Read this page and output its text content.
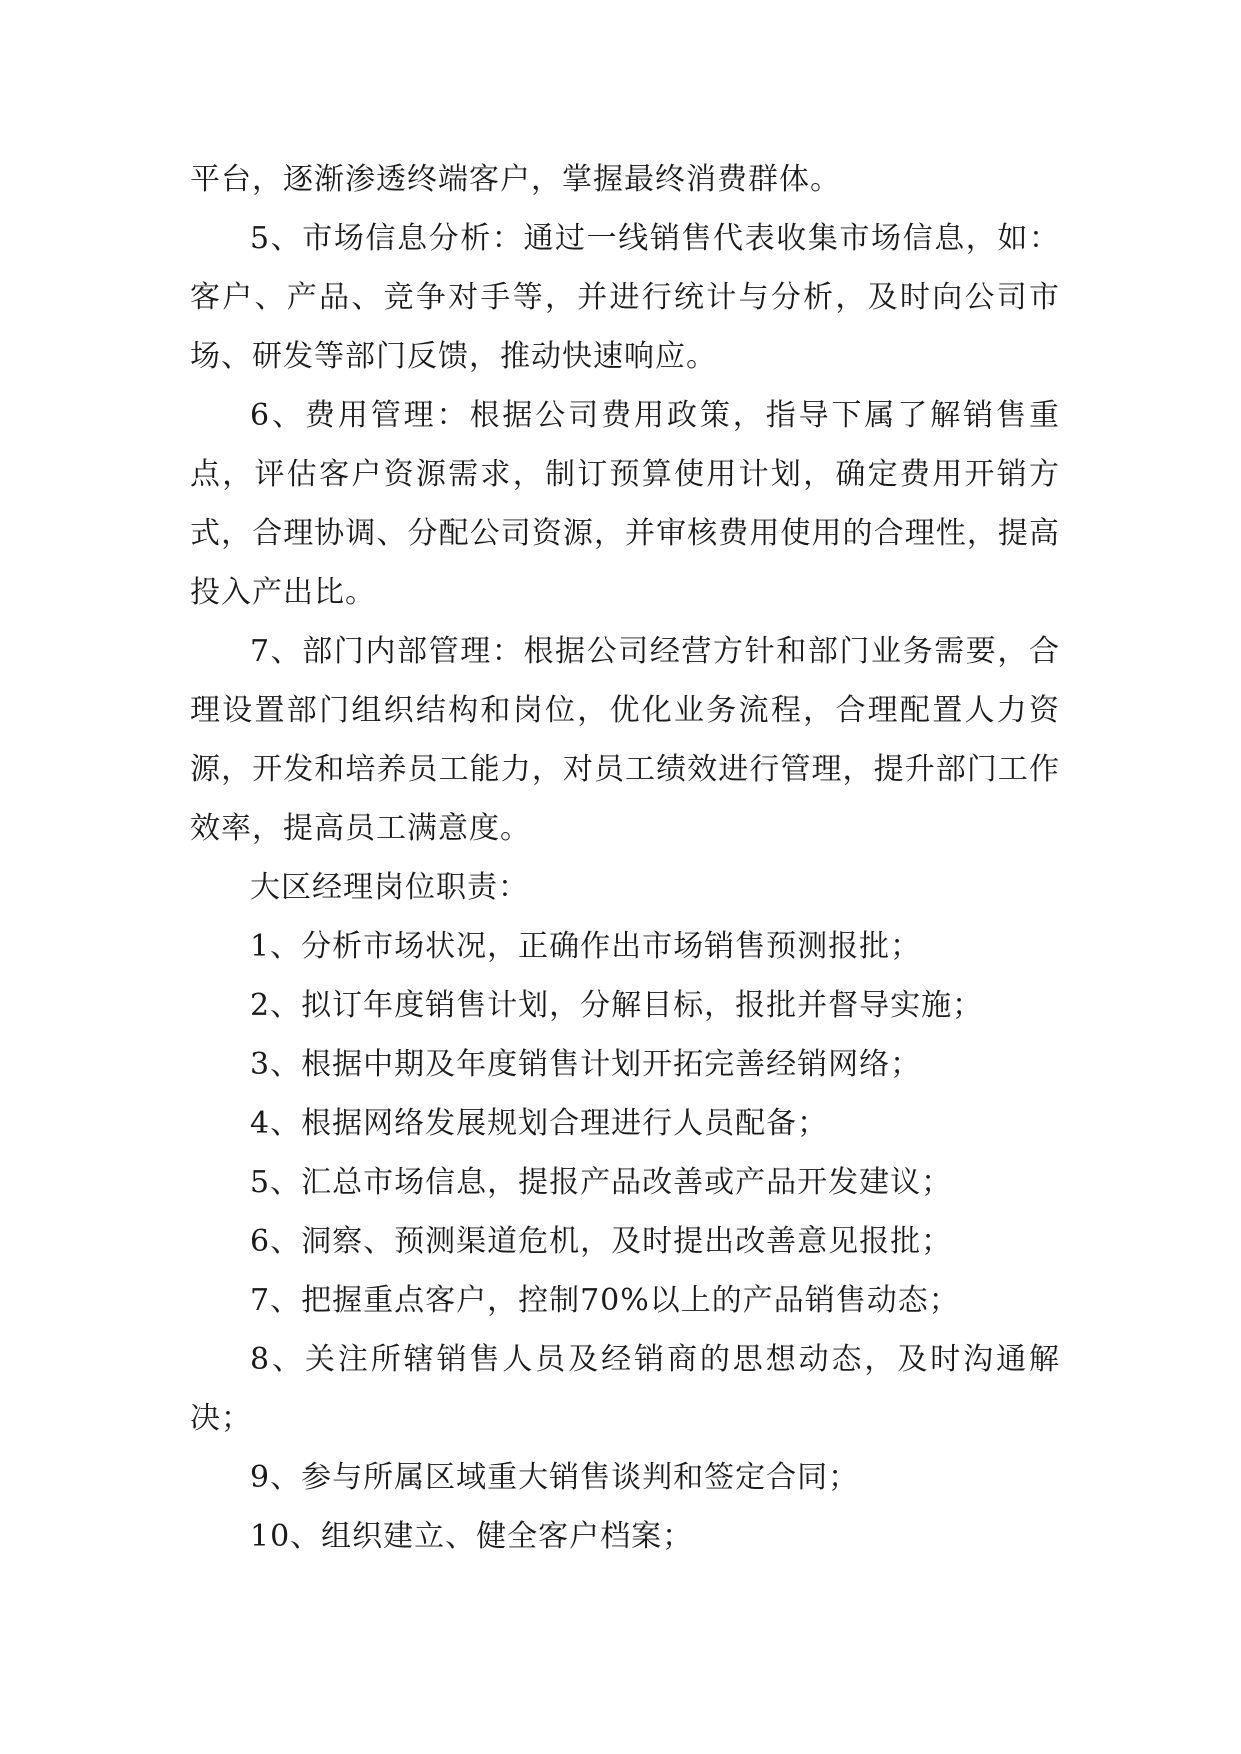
平台，逐渐渗透终端客户，掌握最终消费群体。

5、市场信息分析：通过一线销售代表收集市场信息，如：客户、产品、竞争对手等，并进行统计与分析，及时向公司市场、研发等部门反馈，推动快速响应。

6、费用管理：根据公司费用政策，指导下属了解销售重点，评估客户资源需求，制订预算使用计划，确定费用开销方式，合理协调、分配公司资源，并审核费用使用的合理性，提高投入产出比。

7、部门内部管理：根据公司经营方针和部门业务需要，合理设置部门组织结构和岗位，优化业务流程，合理配置人力资源，开发和培养员工能力，对员工绩效进行管理，提升部门工作效率，提高员工满意度。

大区经理岗位职责：

1、分析市场状况，正确作出市场销售预测报批；

2、拟订年度销售计划，分解目标，报批并督导实施；

3、根据中期及年度销售计划开拓完善经销网络；

4、根据网络发展规划合理进行人员配备；

5、汇总市场信息，提报产品改善或产品开发建议；

6、洞察、预测渠道危机，及时提出改善意见报批；

7、把握重点客户，控制70%以上的产品销售动态；

8、关注所辖销售人员及经销商的思想动态，及时沟通解决；

9、参与所属区域重大销售谈判和签定合同；

10、组织建立、健全客户档案；
